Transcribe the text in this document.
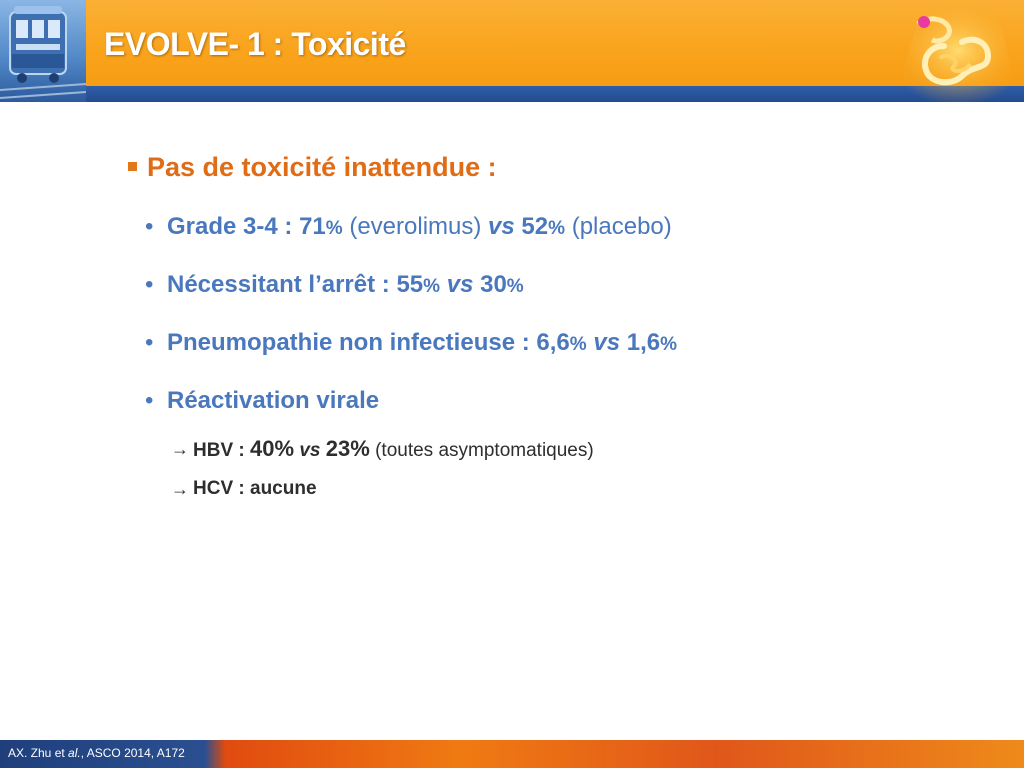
EVOLVE- 1 : Toxicité
Pas de toxicité inattendue :
• Grade 3-4 : 71% (everolimus) vs 52% (placebo)
• Nécessitant l’arrêt : 55% vs 30%
• Pneumopathie non infectieuse : 6,6% vs 1,6%
• Réactivation virale
→ HBV : 40% vs 23% (toutes asymptomatiques)
→ HCV : aucune
AX. Zhu et al., ASCO 2014, A172
